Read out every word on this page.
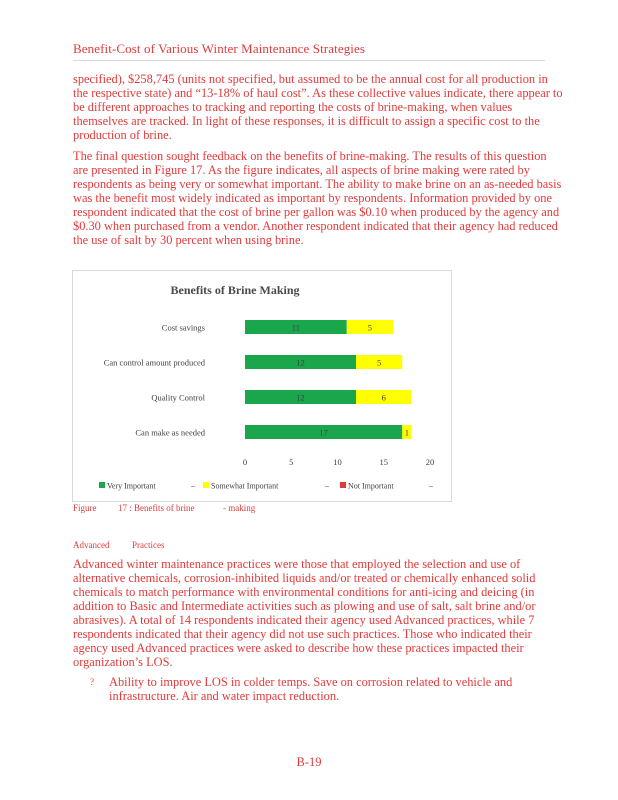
Benefit-Cost of Various Winter Maintenance Strategies

specified), $258,745 (units not specified, but assumed to be the annual cost for all production in the respective state) and “13-18% of haul cost”. As these collective values indicate, there appear to be different approaches to tracking and reporting the costs of brine-making, when values themselves are tracked. In light of these responses, it is difficult to assign a specific cost to the production of brine.

The final question sought feedback on the benefits of brine-making. The results of this question are presented in Figure 17. As the figure indicates, all aspects of brine making were rated by respondents as being very or somewhat important. The ability to make brine on an as-needed basis was the benefit most widely indicated as important by respondents. Information provided by one respondent indicated that the cost of brine per gallon was $0.10 when produced by the agency and $0.30 when purchased from a vendor. Another respondent indicated that their agency had reduced the use of salt by 30 percent when using brine.

Benefits of Brine Making
Cost savings
Can control amount produced
Quality Control
Can make as needed
11	5
12	5
12	6
17	1
0	5	10	15	20
Very Important	– Somewhat Important	– Not Important	–
Figure 17 : Benefits of brine	- making
Advanced	Practices

Advanced winter maintenance practices were those that employed the selection and use of alternative chemicals, corrosion-inhibited liquids and/or treated or chemically enhanced solid chemicals to match performance with environmental conditions for anti-icing and deicing (in addition to Basic and Intermediate activities such as plowing and use of salt, salt brine and/or abrasives). A total of 14 respondents indicated their agency used Advanced practices, while 7 respondents indicated that their agency did not use such practices. Those who indicated their agency used Advanced practices were asked to describe how these practices impacted their organization’s LOS.

? Ability to improve LOS in colder temps. Save on corrosion related to vehicle and infrastructure. Air and water impact reduction.
B-19
